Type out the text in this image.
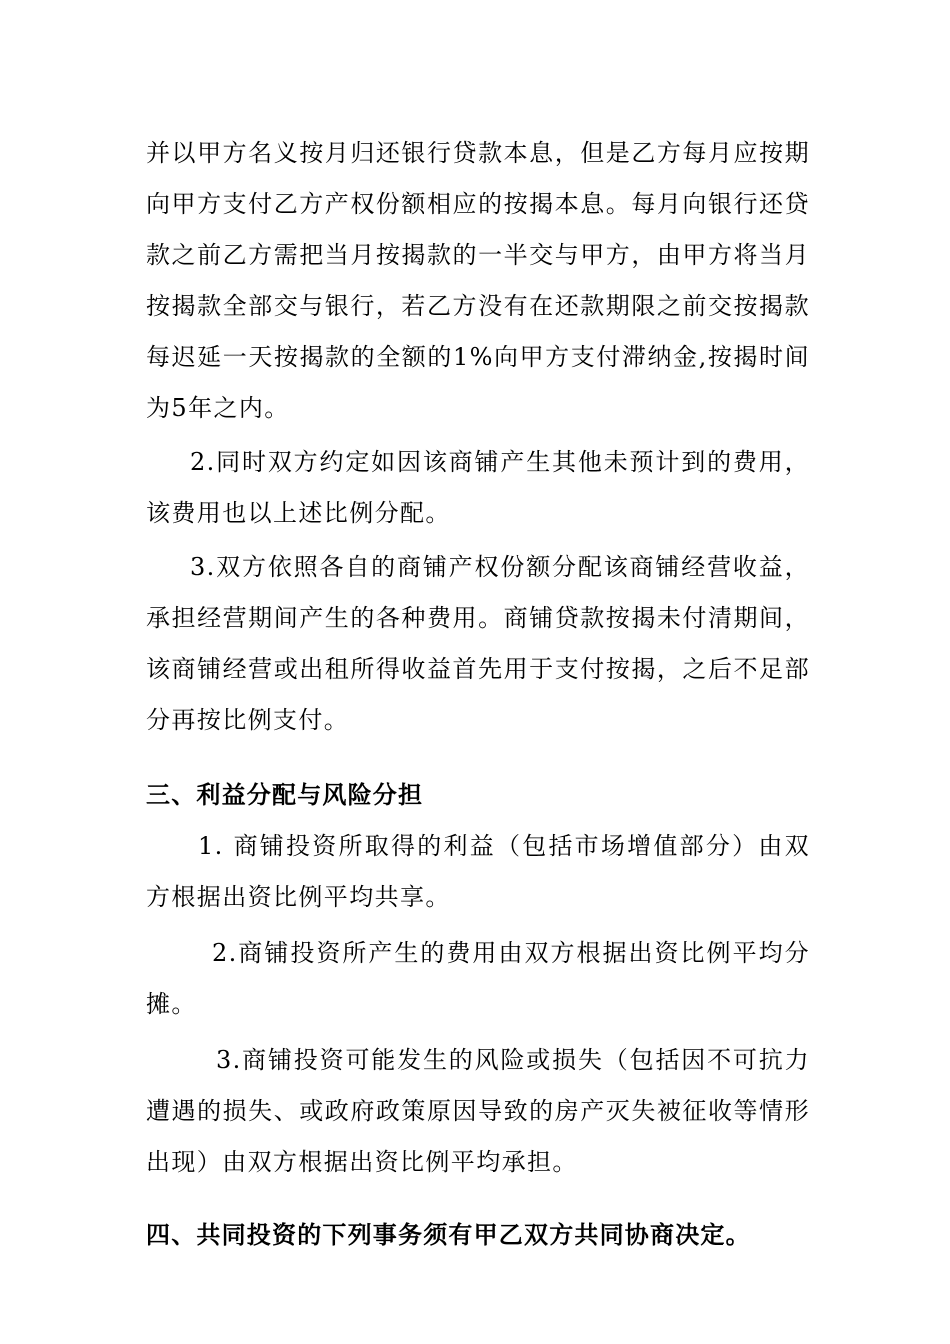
并以甲方名义按月归还银行贷款本息，但是乙方每月应按期向甲方支付乙方产权份额相应的按揭本息。每月向银行还贷款之前乙方需把当月按揭款的一半交与甲方，由甲方将当月按揭款全部交与银行，若乙方没有在还款期限之前交按揭款每迟延一天按揭款的全额的1%向甲方支付滞纳金,按揭时间为5年之内。

2.同时双方约定如因该商铺产生其他未预计到的费用，该费用也以上述比例分配。

3.双方依照各自的商铺产权份额分配该商铺经营收益，承担经营期间产生的各种费用。商铺贷款按揭未付清期间，该商铺经营或出租所得收益首先用于支付按揭，之后不足部分再按比例支付。

三、利益分配与风险分担

1. 商铺投资所取得的利益（包括市场增值部分）由双方根据出资比例平均共享。

2.商铺投资所产生的费用由双方根据出资比例平均分摊。

3.商铺投资可能发生的风险或损失（包括因不可抗力遭遇的损失、或政府政策原因导致的房产灭失被征收等情形出现）由双方根据出资比例平均承担。

四、共同投资的下列事务须有甲乙双方共同协商决定。
